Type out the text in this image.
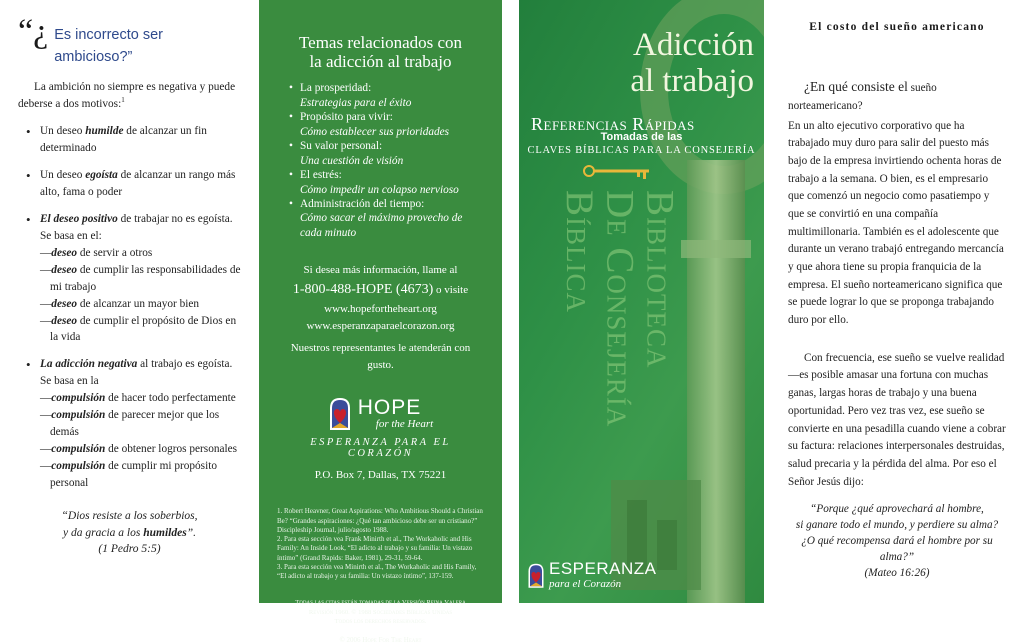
“¿ Es incorrecto ser ambicioso?”

La ambición no siempre es negativa y puede deberse a dos motivos:$^1$

• Un deseo humilde de alcanzar un fin determinado
• Un deseo egoísta de alcanzar un rango más alto, fama o poder
• El deseo positivo de trabajar no es egoísta. Se basa en el:
—deseo de servir a otros
—deseo de cumplir las responsabilidades de mi trabajo
—deseo de alcanzar un mayor bien
—deseo de cumplir el propósito de Dios en la vida
• La adicción negativa al trabajo es egoísta. Se basa en la
—compulsión de hacer todo perfectamente
—compulsión de parecer mejor que los demás
—compulsión de obtener logros personales
—compulsión de cumplir mi propósito personal
“Dios resiste a los soberbios,
y da gracia a los humildes”.
(1 Pedro 5:5)
Temas relacionados con
la adicción al trabajo
• La prosperidad:
Estrategias para el éxito
• Propósito para vivir:
Cómo establecer sus prioridades
• Su valor personal:
Una cuestión de visión
• El estrés:
Cómo impedir un colapso nervioso
• Administración del tiempo:
Cómo sacar el máximo provecho de cada minuto
Si desea más información, llame al
1-800-488-HOPE (4673) o visite
www.hopefortheheart.org
www.esperanzaparaelcorazon.org
Nuestros representantes le atenderán con gusto.
HOPE
for the Heart
ESPERANZA PARA EL CORAZÓN
P.O. Box 7, Dallas, TX 75221

1. Robert Heavner, Great Aspirations: Who Ambitious Should a Christian Be? “Grandes aspiraciones: ¿Qué tan ambicioso debe ser un cristiano?” Discipleship Journal, julio/agosto 1988.

2. Para esta sección vea Frank Minirth et al., The Workaholic and His Family: An Inside Look, “El adicto al trabajo y su familia: Un vistazo íntimo” (Grand Rapids: Baker, 1981), 29-31, 59-64.

3. Para esta sección vea Minirth et al., The Workaholic and His Family, “El adicto al trabajo y su familia: Un vistazo íntimo”, 137-159.

Todas las citas están tomadas de la Versión Reina Valera
Revisión 1960. © 1988 Sociedades Bíblicas Unidas
Todos los derechos reservados.
© 2006 Hope For The Heart
Adicción
al trabajo
Referencias Rápidas
Tomadas de las
CLAVES BÍBLICAS PARA LA CONSEJERÍA
Biblioteca
De Consejería
Bíblica
ESPERANZA
para el Corazón
El costo del sueño americano

¿En qué consiste el sueño norteamericano?

En un alto ejecutivo corporativo que ha trabajado muy duro para salir del puesto más bajo de la empresa invirtiendo ochenta horas de trabajo a la semana. O bien, es el empresario que comenzó un negocio como pasatiempo y que se convirtió en una compañía multimillonaria. También es el adolescente que durante un verano trabajó entregando mercancía y que ahora tiene su propia franquicia de la empresa. El sueño norteamericano significa que se puede lograr lo que se proponga trabajando duro por ello.

Con frecuencia, ese sueño se vuelve realidad—es posible amasar una fortuna con muchas ganas, largas horas de trabajo y una buena oportunidad. Pero vez tras vez, ese sueño se convierte en una pesadilla cuando viene a cobrar su factura: relaciones interpersonales destruidas, salud precaria y la pérdida del alma. Por eso el Señor Jesús dijo:

“Porque ¿qué aprovechará al hombre,
si ganare todo el mundo, y perdiere su alma?
¿O qué recompensa dará el hombre por su alma?”
(Mateo 16:26)
